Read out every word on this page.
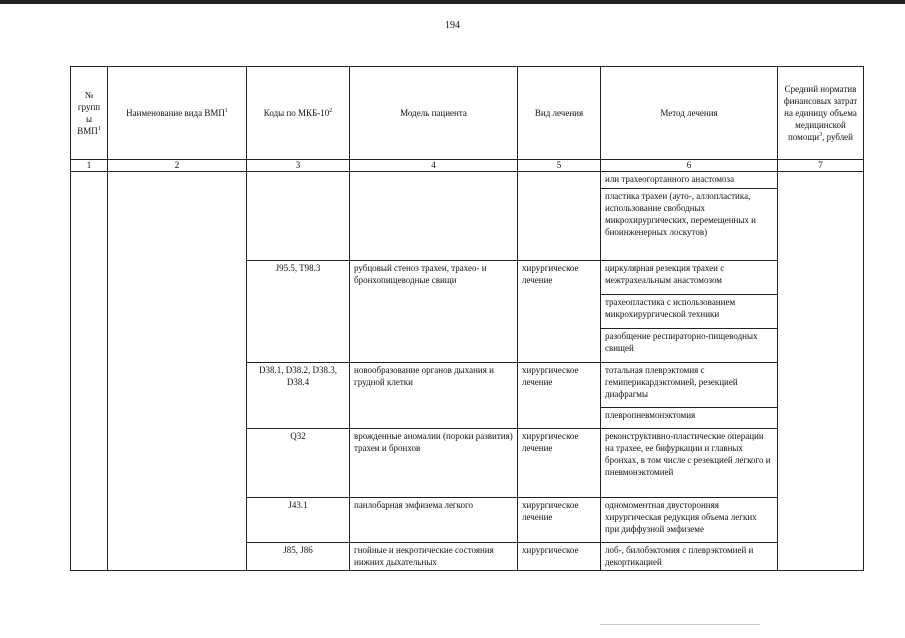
194
№ групп ы ВМП$^1$	Наименование вида ВМП$^1$	Коды по МКБ-$10^2$	Модель пациента	Вид лечения	Метод лечения	Средний норматив финансовых затрат на единицу объема медицинской помощи$^3$, рублей
1	2	3	4	5	6	7
					или трахеогортанного анастомоза	
					пластика трахеи (ауто-, аллопластика, использование свободных микрохирургических, перемещенных и биоинженерных лоскутов)	
		J95.5, T98.3	рубцовый стеноз трахеи, трахео- и бронхопищеводные свищи	хирургическое лечение	циркулярная резекция трахеи с межтрахеальным анастомозом	
					трахеопластика с использованием микрохирургической техники	
					разобщение респираторно-пищеводных свищей	
		D38.1, D38.2, D38.3, D38.4	новообразование органов дыхания и грудной клетки	хирургическое лечение	тотальная плеврэктомия с гемиперикардэктомией, резекцией диафрагмы	
					плевропневмонэктомия	
		Q32	врожденные аномалии (пороки развития) трахеи и бронхов	хирургическое лечение	реконструктивно-пластические операции на трахее, ее бифуркации и главных бронхах, в том числе с резекцией легкого и пневмонэктомией	
		J43.1	панлобарная эмфизема легкого	хирургическое лечение	одномоментная двусторонняя хирургическая редукция объема легких при диффузной эмфиземе	
		J85, J86	гнойные и некротические состояния нижних дыхательных	хирургическое	лоб-, билобэктомия с плеврэктомией и декортикацией	
